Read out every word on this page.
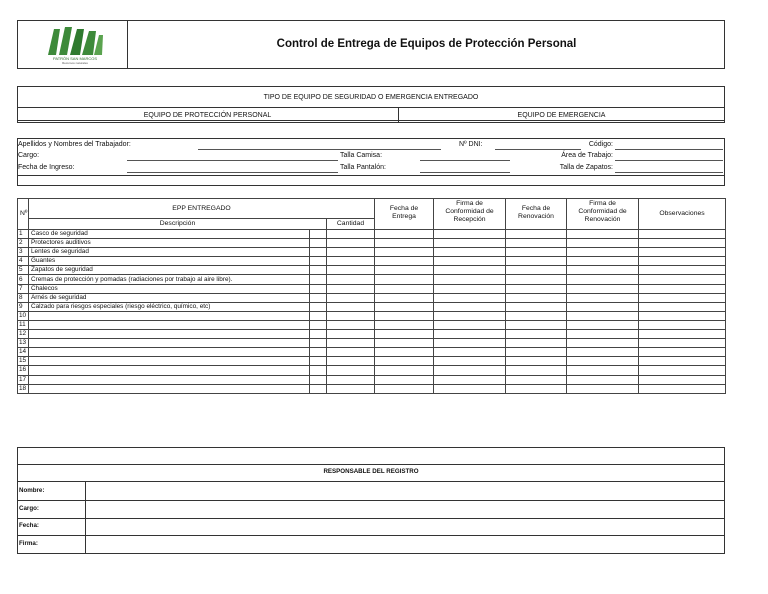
PATRÓN SAN MARCOS
Recursos naturales
Control de Entrega de Equipos de Protección Personal
TIPO DE EQUIPO DE SEGURIDAD O EMERGENCIA ENTREGADO
EQUIPO DE PROTECCIÓN PERSONAL	EQUIPO DE EMERGENCIA
Apellidos y Nombres del Trabajador:	Nº DNI:	Código:
Cargo:	Talla Camisa:	Área de Trabajo:
Fecha de Ingreso:	Talla Pantalón:	Talla de Zapatos:
Nº	EPP ENTREGADO			Fecha de Entrega	Firma de Conformidad de Recepción	Fecha de Renovación	Firma de Conformidad de Renovación	Observaciones
	Descripción		Cantidad					
1	Casco de seguridad							
2	Protectores auditivos							
3	Lentes de seguridad							
4	Guantes							
5	Zapatos de seguridad							
6	Cremas de protección y pomadas (radiaciones por trabajo al aire libre).							
7	Chalecos							
8	Arnés de seguridad							
9	Calzado para riesgos especiales (riesgo eléctrico, químico, etc)							
10								
11								
12								
13								
14								
15								
16								
17								
18								
RESPONSABLE DEL REGISTRO
Nombre:
Cargo:
Fecha:
Firma:
